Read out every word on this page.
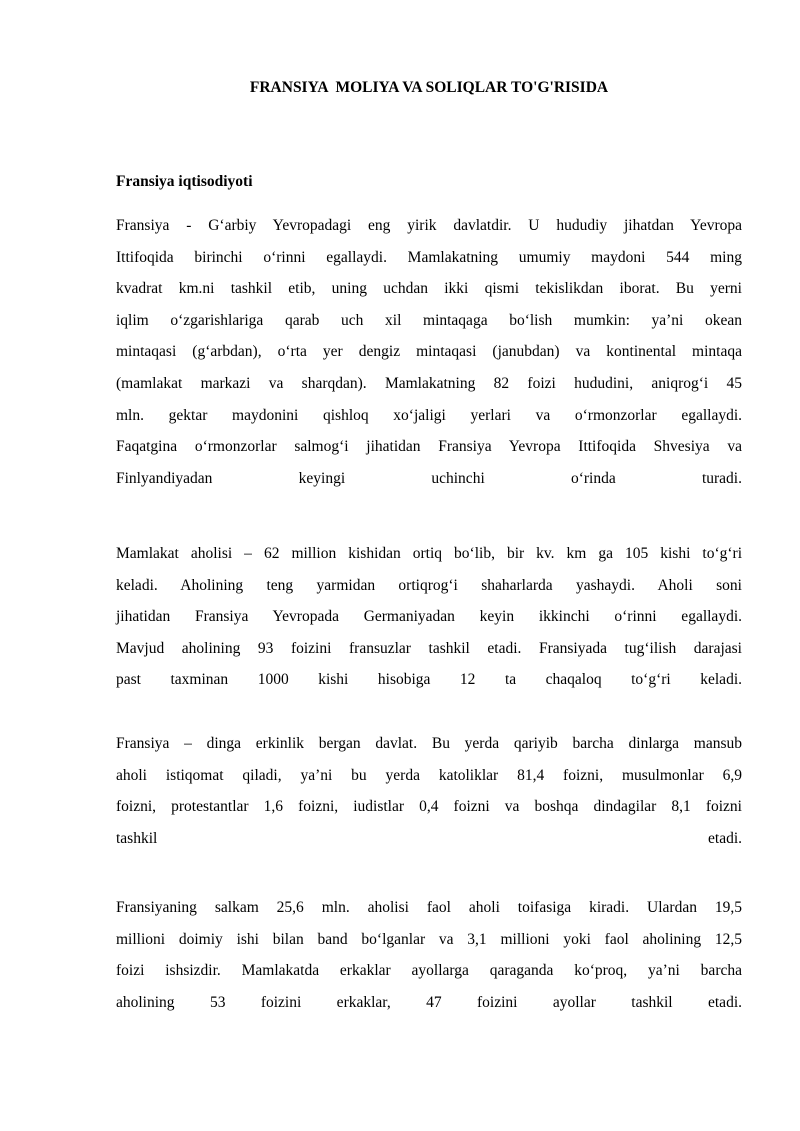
FRANSIYA  MOLIYA VA SOLIQLAR TO'G'RISIDA
Fransiya iqtisodiyoti

Fransiya - G‘arbiy Yevropadagi eng yirik davlatdir. U hududiy jihatdan Yevropa
Ittifoqida birinchi o‘rinni egallaydi. Mamlakatning umumiy maydoni 544 ming
kvadrat km.ni tashkil etib, uning uchdan ikki qismi tekislikdan iborat. Bu yerni
iqlim o‘zgarishlariga qarab uch xil mintaqaga bo‘lish mumkin: ya’ni okean
mintaqasi (g‘arbdan), o‘rta yer dengiz mintaqasi (janubdan) va kontinental mintaqa
(mamlakat markazi va sharqdan). Mamlakatning 82 foizi hududini, aniqrog‘i 45
mln. gektar maydonini qishloq xo‘jaligi yerlari va o‘rmonzorlar egallaydi.
Faqatgina o‘rmonzorlar salmog‘i jihatidan Fransiya Yevropa Ittifoqida Shvesiya va
Finlyandiyadan keyingi uchinchi o‘rinda turadi.

Mamlakat aholisi – 62 million kishidan ortiq bo‘lib, bir kv. km ga 105 kishi to‘g‘ri
keladi. Aholining teng yarmidan ortiqrog‘i shaharlarda yashaydi. Aholi soni
jihatidan Fransiya Yevropada Germaniyadan keyin ikkinchi o‘rinni egallaydi.
Mavjud aholining 93 foizini fransuzlar tashkil etadi. Fransiyada tug‘ilish darajasi
past taxminan 1000 kishi hisobiga 12 ta chaqaloq to‘g‘ri keladi.

Fransiya – dinga erkinlik bergan davlat. Bu yerda qariyib barcha dinlarga mansub
aholi istiqomat qiladi, ya’ni bu yerda katoliklar 81,4 foizni, musulmonlar 6,9
foizni, protestantlar 1,6 foizni, iudistlar 0,4 foizni va boshqa dindagilar 8,1 foizni
tashkil etadi.

Fransiyaning salkam 25,6 mln. aholisi faol aholi toifasiga kiradi. Ulardan 19,5
millioni doimiy ishi bilan band bo‘lganlar va 3,1 millioni yoki faol aholining 12,5
foizi ishsizdir. Mamlakatda erkaklar ayollarga qaraganda ko‘proq, ya’ni barcha
aholining 53 foizini erkaklar, 47 foizini ayollar tashkil etadi.
